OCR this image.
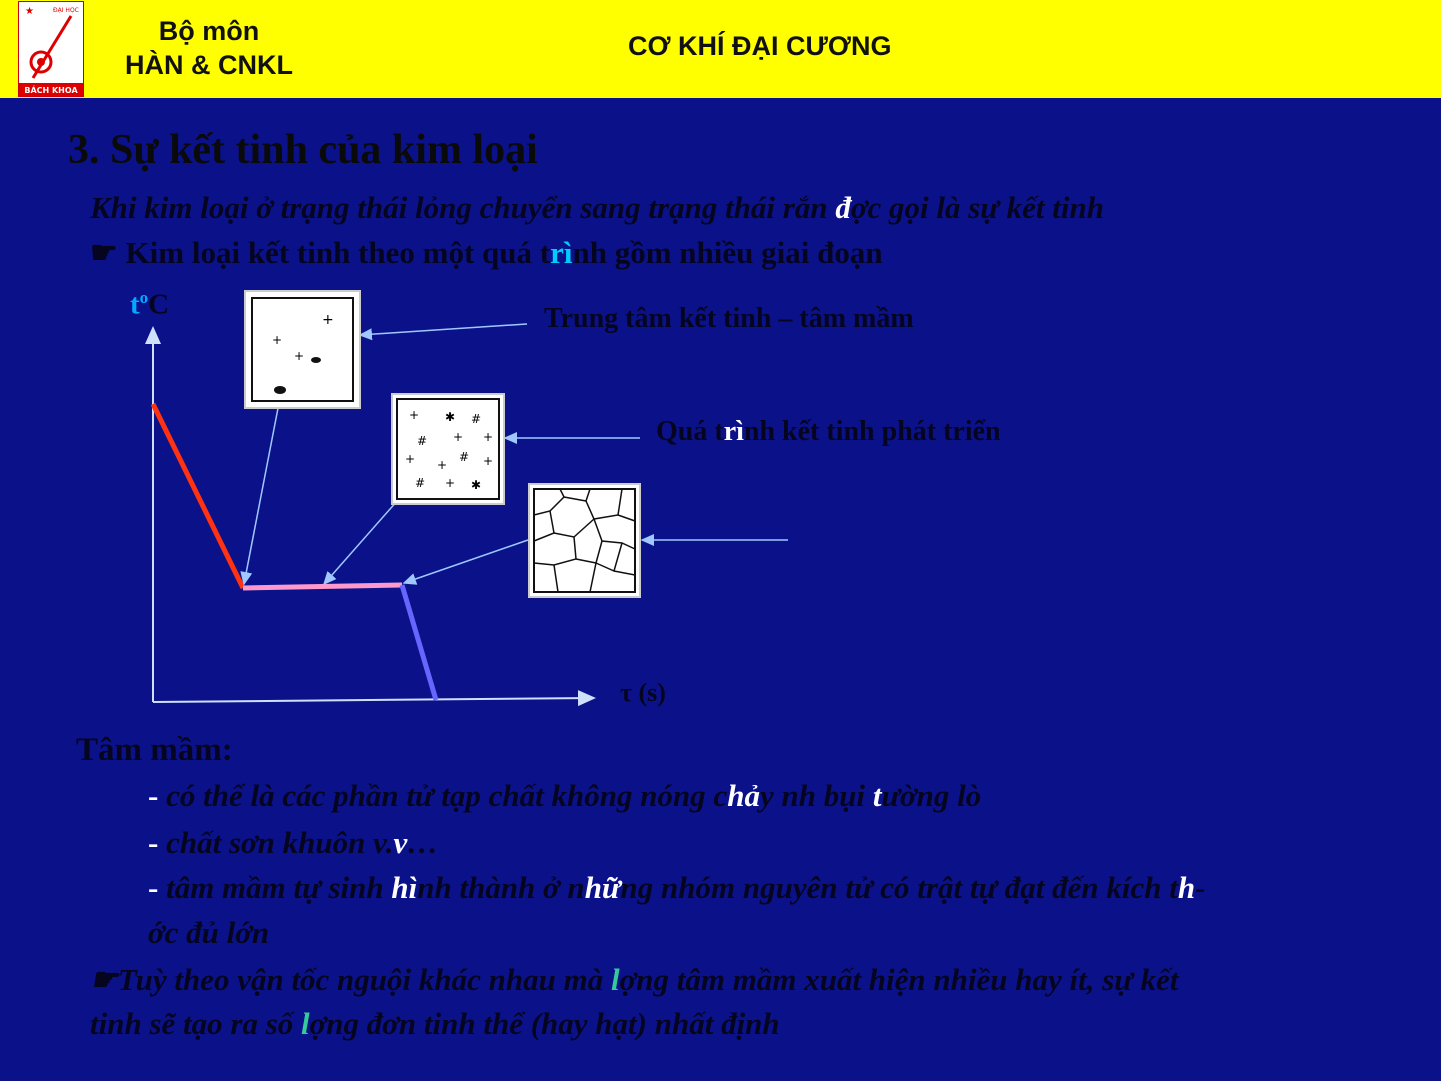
★	ĐẠI HỌC
BÁCH KHOA
Bộ môn
HÀN & CNKL
CƠ KHÍ ĐẠI CƯƠNG
3. Sự kết tinh của kim loại
Khi kim loại ở trạng thái lỏng chuyển sang trạng thái rắn đợc gọi là sự kết tinh
☛ Kim loại kết tinh theo một quá trình gồm nhiều giai đoạn
+
+
+
+ ✱ #
# + +
+ +
# +
# + ✱
$t^oC$
τ (s)
Trung tâm kết tinh – tâm mầm
Quá trình kết tinh phát triển
Tâm mầm:
- có thể là các phần tử tạp chất không nóng chảy nh bụi tường lò
- chất sơn khuôn v.v…
- tâm mầm tự sinh hình thành ở những nhóm nguyên tử có trật tự đạt đến kích th-
ớc đủ lớn
☛Tuỳ theo vận tốc nguội khác nhau mà lợng tâm mầm xuất hiện nhiều hay ít, sự kết
tinh sẽ tạo ra số lợng đơn tinh thể (hay hạt) nhất định
